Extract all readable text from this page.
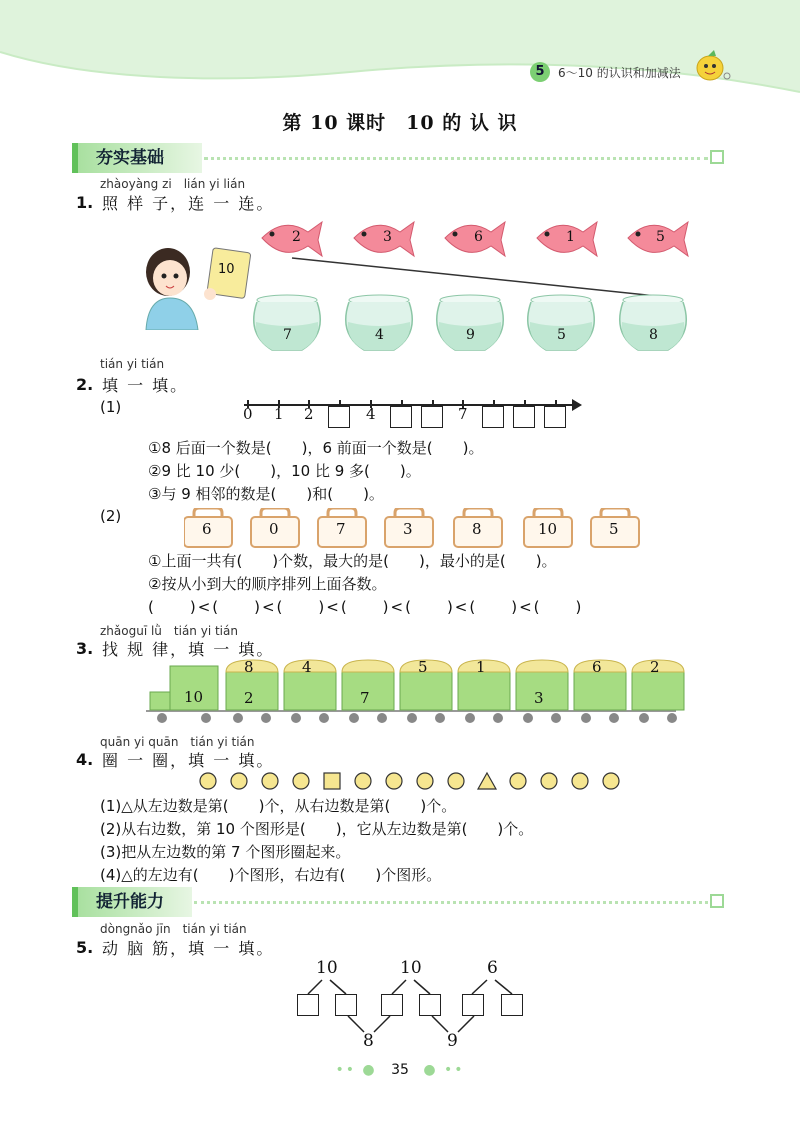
5	6～10 的认识和加减法
第 10 课时　10 的 认 识
夯实基础
zhàoyàng zi　lián yi lián
1. 照 样 子，连 一 连。
10
2	3	6	1	5
7	4	9	5	8
tián yi tián
2. 填 一 填。
(1)	0 1 2	4	7
①8 后面一个数是(　　)，6 前面一个数是(　　)。
②9 比 10 少(　　)，10 比 9 多(　　)。
③与 9 相邻的数是(　　)和(　　)。
(2)
6	0	7	3	8	10	5
①上面一共有(　　)个数，最大的是(　　)，最小的是(　　)。
②按从小到大的顺序排列上面各数。
(　　)<(　　)<(　　)<(　　)<(　　)<(　　)<(　　)
zhǎoguī lǜ　tián yi tián
3. 找 规 律，填 一 填。
10
8	4	5	1	6	2
2	7	3
quān yi quān　tián yi tián
4. 圈 一 圈，填 一 填。
(1)△从左边数是第(　　)个，从右边数是第(　　)个。
(2)从右边数，第 10 个图形是(　　)，它从左边数是第(　　)个。
(3)把从左边数的第 7 个图形圈起来。
(4)△的左边有(　　)个图形，右边有(　　)个图形。
提升能力
dòngnǎo jīn　tián yi tián
5. 动 脑 筋，填 一 填。
10	10	6
8	9
•• ● 35 ● ••
